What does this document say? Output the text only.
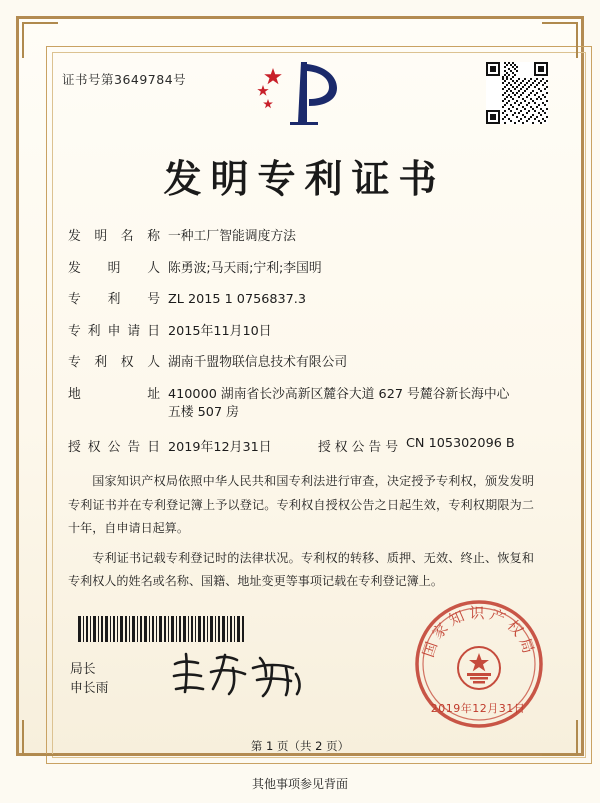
证书号第3649784号
发明专利证书
发明名称 一种工厂智能调度方法
发明人 陈勇波;马天雨;宁利;李国明
专利号 ZL 2015 1 0756837.3
专利申请日 2015年11月10日
专利权人 湖南千盟物联信息技术有限公司
地址 410000 湖南省长沙高新区麓谷大道 627 号麓谷新长海中心
五楼 507 房
授权公告日 2019年12月31日	授权公告号 CN 105302096 B

国家知识产权局依照中华人民共和国专利法进行审查，决定授予专利权，颁发发明专利证书并在专利登记簿上予以登记。专利权自授权公告之日起生效，专利权期限为二十年，自申请日起算。

专利证书记载专利登记时的法律状况。专利权的转移、质押、无效、终止、恢复和专利权人的姓名或名称、国籍、地址变更等事项记载在专利登记簿上。

局长
申长雨
国家知识产权局
2019年12月31日
第 1 页（共 2 页）
其他事项参见背面
